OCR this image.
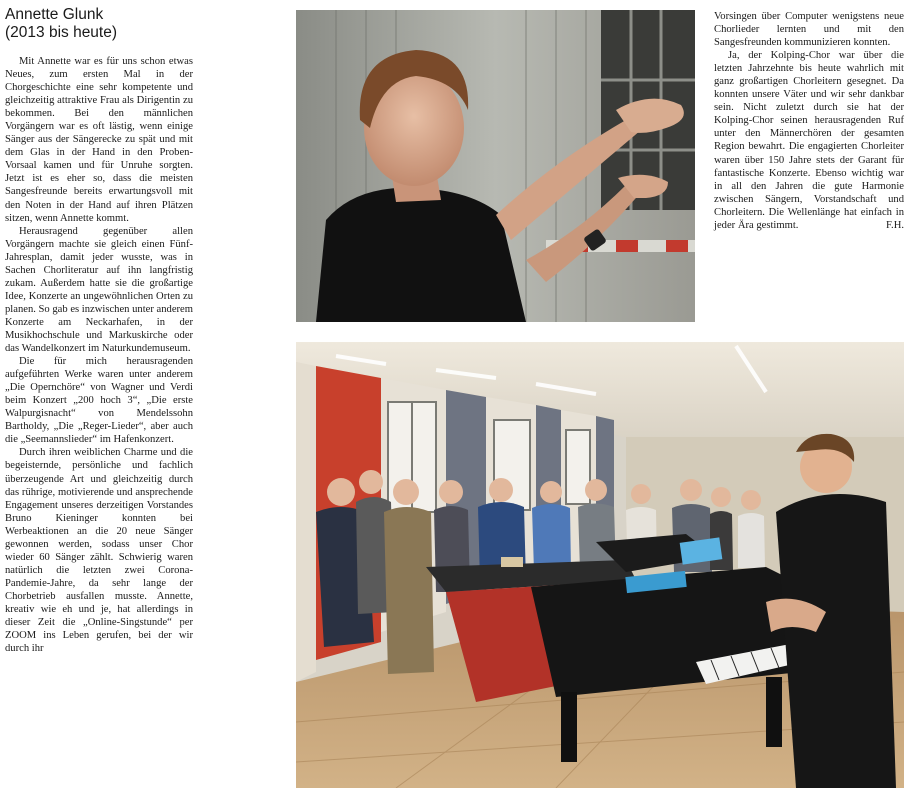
Annette Glunk
(2013 bis heute)

Mit Annette war es für uns schon etwas Neues, zum ersten Mal in der Chorgeschichte eine sehr kompetente und gleichzeitig attraktive Frau als Dirigentin zu bekommen. Bei den männlichen Vorgängern war es oft lästig, wenn einige Sänger aus der Sängerecke zu spät und mit dem Glas in der Hand in den Proben-Vorsaal kamen und für Unruhe sorgten. Jetzt ist es eher so, dass die meisten Sangesfreunde bereits erwartungsvoll mit den Noten in der Hand auf ihren Plätzen sitzen, wenn Annette kommt.

Herausragend gegenüber allen Vorgängern machte sie gleich einen Fünf-Jahresplan, damit jeder wusste, was in Sachen Chorliteratur auf ihn langfristig zukam. Außerdem hatte sie die großartige Idee, Konzerte an ungewöhnlichen Orten zu planen. So gab es inzwischen unter anderem Konzerte am Neckarhafen, in der Musikhochschule und Markuskirche oder das Wandelkonzert im Naturkundemuseum.

Die für mich herausragenden aufgeführten Werke waren unter anderem „Die Opernchöre“ von Wagner und Verdi beim Konzert „200 hoch 3“, „Die erste Walpurgisnacht“ von Mendelssohn Bartholdy, „Die „Reger-Lieder“, aber auch die „Seemannslieder“ im Hafenkonzert.

Durch ihren weiblichen Charme und die begeisternde, persönliche und fachlich überzeugende Art und gleichzeitig durch das rührige, motivierende und ansprechende Engagement unseres derzeitigen Vorstandes Bruno Kieninger konnten bei Werbeaktionen an die 20 neue Sänger gewonnen werden, sodass unser Chor wieder 60 Sänger zählt. Schwierig waren natürlich die letzten zwei Corona-Pandemie-Jahre, da sehr lange der Chorbetrieb ausfallen musste. Annette, kreativ wie eh und je, hat allerdings in dieser Zeit die „Online-Singstunde“ per ZOOM ins Leben gerufen, bei der wir durch ihr

Vorsingen über Computer wenigstens neue Chorlieder lernten und mit den Sangesfreunden kommunizieren konnten.

Ja, der Kolping-Chor war über die letzten Jahrzehnte bis heute wahrlich mit ganz großartigen Chorleitern gesegnet. Da konnten unsere Väter und wir sehr dankbar sein. Nicht zuletzt durch sie hat der Kolping-Chor seinen herausragenden Ruf unter den Männerchören der gesamten Region bewahrt. Die engagierten Chorleiter waren über 150 Jahre stets der Garant für fantastische Konzerte. Ebenso wichtig war in all den Jahren die gute Harmonie zwischen Sängern, Vorstandschaft und Chorleitern. Die Wellenlänge hat einfach in jeder Ära gestimmt.	F.H.
